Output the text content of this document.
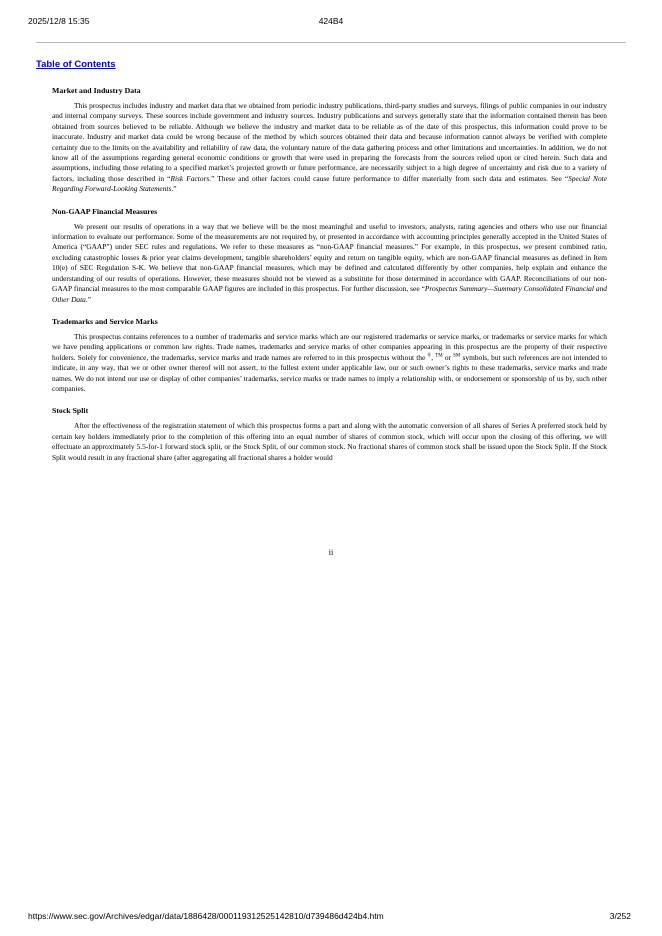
2025/12/8 15:35	424B4
Table of Contents
Market and Industry Data

This prospectus includes industry and market data that we obtained from periodic industry publications, third-party studies and surveys, filings of public companies in our industry and internal company surveys. These sources include government and industry sources. Industry publications and surveys generally state that the information contained therein has been obtained from sources believed to be reliable. Although we believe the industry and market data to be reliable as of the date of this prospectus, this information could prove to be inaccurate. Industry and market data could be wrong because of the method by which sources obtained their data and because information cannot always be verified with complete certainty due to the limits on the availability and reliability of raw data, the voluntary nature of the data gathering process and other limitations and uncertainties. In addition, we do not know all of the assumptions regarding general economic conditions or growth that were used in preparing the forecasts from the sources relied upon or cited herein. Such data and assumptions, including those relating to a specified market’s projected growth or future performance, are necessarily subject to a high degree of uncertainty and risk due to a variety of factors, including those described in “Risk Factors.” These and other factors could cause future performance to differ materially from such data and estimates. See “Special Note Regarding Forward-Looking Statements.”

Non-GAAP Financial Measures

We present our results of operations in a way that we believe will be the most meaningful and useful to investors, analysts, rating agencies and others who use our financial information to evaluate our performance. Some of the measurements are not required by, or presented in accordance with accounting principles generally accepted in the United States of America (“GAAP”) under SEC rules and regulations. We refer to these measures as “non-GAAP financial measures.” For example, in this prospectus, we present combined ratio, excluding catastrophic losses & prior year claims development, tangible shareholders’ equity and return on tangible equity, which are non-GAAP financial measures as defined in Item 10(e) of SEC Regulation S-K. We believe that non-GAAP financial measures, which may be defined and calculated differently by other companies, help explain and enhance the understanding of our results of operations. However, these measures should not be viewed as a substitute for those determined in accordance with GAAP. Reconciliations of our non-GAAP financial measures to the most comparable GAAP figures are included in this prospectus. For further discussion, see “Prospectus Summary—Summary Consolidated Financial and Other Data.”

Trademarks and Service Marks

This prospectus contains references to a number of trademarks and service marks which are our registered trademarks or service marks, or trademarks or service marks for which we have pending applications or common law rights. Trade names, trademarks and service marks of other companies appearing in this prospectus are the property of their respective holders. Solely for convenience, the trademarks, service marks and trade names are referred to in this prospectus without the ®, ™ or ℠ symbols, but such references are not intended to indicate, in any way, that we or other owner thereof will not assert, to the fullest extent under applicable law, our or such owner’s rights to these trademarks, service marks and trade names. We do not intend our use or display of other companies’ trademarks, service marks or trade names to imply a relationship with, or endorsement or sponsorship of us by, such other companies.

Stock Split

After the effectiveness of the registration statement of which this prospectus forms a part and along with the automatic conversion of all shares of Series A preferred stock held by certain key holders immediately prior to the completion of this offering into an equal number of shares of common stock, which will occur upon the closing of this offering, we will effectuate an approximately 5.5-for-1 forward stock split, or the Stock Split, of our common stock. No fractional shares of common stock shall be issued upon the Stock Split. If the Stock Split would result in any fractional share (after aggregating all fractional shares a holder would

ii
https://www.sec.gov/Archives/edgar/data/1886428/000119312525142810/d739486d424b4.htm	3/252
